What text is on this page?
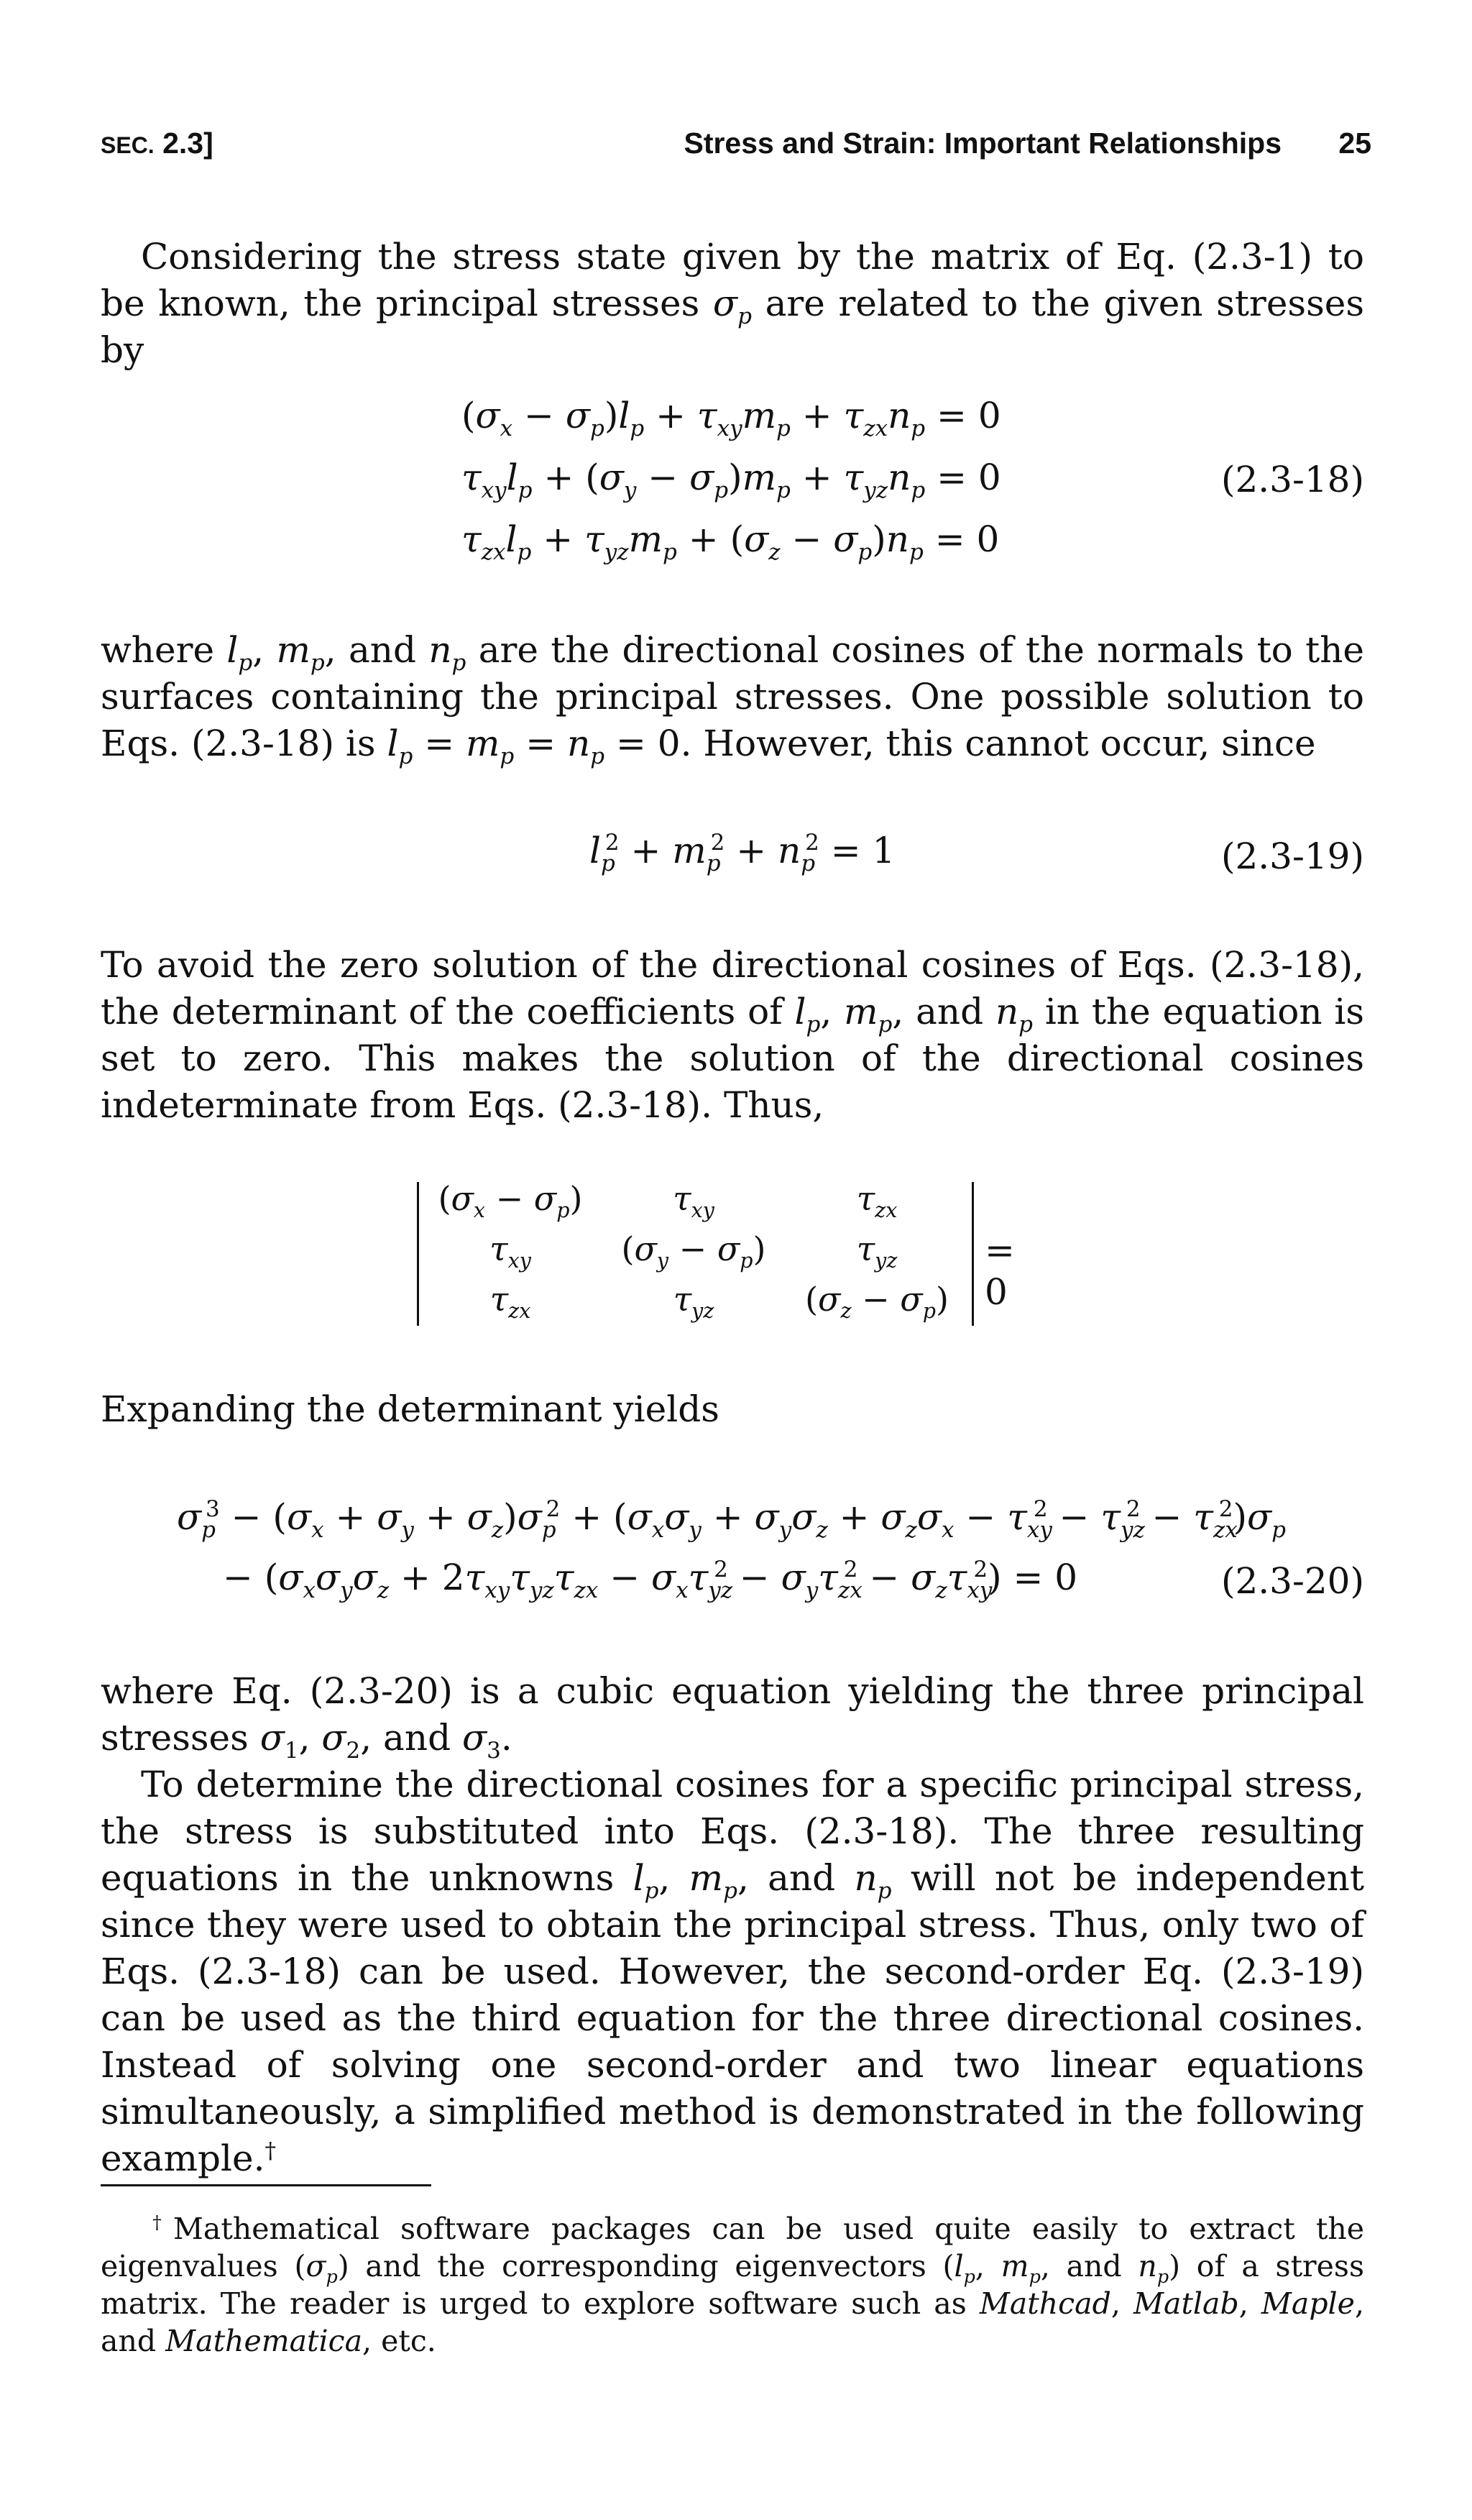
SEC. 2.3]	Stress and Strain: Important Relationships 25
Considering the stress state given by the matrix of Eq. (2.3-1) to be known, the principal stresses $\sigma_p$ are related to the given stresses by
$(\sigma_x - \sigma_p)l_p + \tau_{xy}m_p + \tau_{zx}n_p = 0$
$\tau_{xy}l_p + (\sigma_y - \sigma_p)m_p + \tau_{yz}n_p = 0$
$\tau_{zx}l_p + \tau_{yz}m_p + (\sigma_z - \sigma_p)n_p = 0$
(2.3-18)
where $l_p$, $m_p$, and $n_p$ are the directional cosines of the normals to the surfaces containing the principal stresses. One possible solution to Eqs. (2.3-18) is $l_p = m_p = n_p = 0$. However, this cannot occur, since
$l_p^2 + m_p^2 + n_p^2 = 1$	(2.3-19)
To avoid the zero solution of the directional cosines of Eqs. (2.3-18), the determinant of the coefficients of $l_p$, $m_p$, and $n_p$ in the equation is set to zero. This makes the solution of the directional cosines indeterminate from Eqs. (2.3-18). Thus,
$(\sigma_x - \sigma_p)$	$\tau_{xy}$	$\tau_{zx}$
$\tau_{xy}$	$(\sigma_y - \sigma_p)$	$\tau_{yz}$
$\tau_{zx}$	$\tau_{yz}$	$(\sigma_z - \sigma_p)$
= 0
Expanding the determinant yields
$\sigma_p^3 - (\sigma_x + \sigma_y + \sigma_z)\sigma_p^2 + (\sigma_x\sigma_y + \sigma_y\sigma_z + \sigma_z\sigma_x - \tau_{xy}^2 - \tau_{yz}^2 - \tau_{zx}^2)\sigma_p$
− $(\sigma_x\sigma_y\sigma_z + 2\tau_{xy}\tau_{yz}\tau_{zx} - \sigma_x\tau_{yz}^2 - \sigma_y\tau_{zx}^2 - \sigma_z\tau_{xy}^2) = 0$	(2.3-20)
where Eq. (2.3-20) is a cubic equation yielding the three principal stresses $\sigma_1$, $\sigma_2$, and $\sigma_3$.
To determine the directional cosines for a specific principal stress, the stress is substituted into Eqs. (2.3-18). The three resulting equations in the unknowns $l_p$, $m_p$, and $n_p$ will not be independent since they were used to obtain the principal stress. Thus, only two of Eqs. (2.3-18) can be used. However, the second-order Eq. (2.3-19) can be used as the third equation for the three directional cosines. Instead of solving one second-order and two linear equations simultaneously, a simplified method is demonstrated in the following example.†
†Mathematical software packages can be used quite easily to extract the eigenvalues $(\sigma_p)$ and the corresponding eigenvectors ($l_p$, $m_p$, and $n_p$) of a stress matrix. The reader is urged to explore software such as Mathcad, Matlab, Maple, and Mathematica, etc.
